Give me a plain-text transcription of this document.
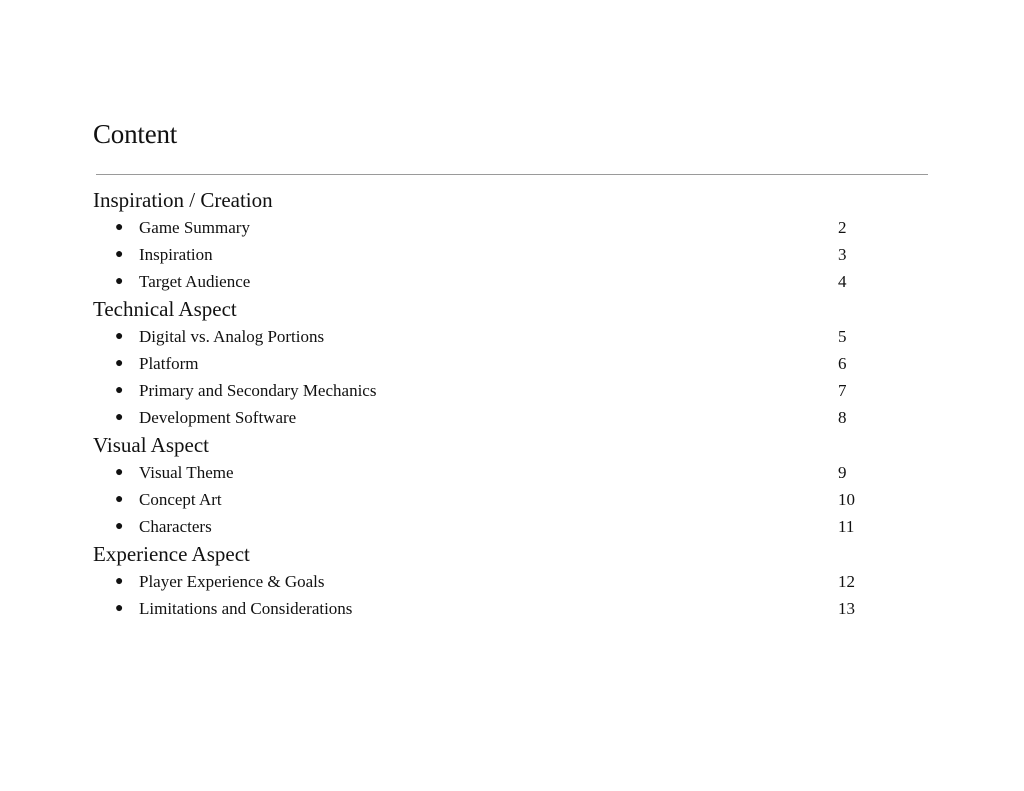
Content
Inspiration / Creation
● Game Summary	2
● Inspiration	3
● Target Audience	4
Technical Aspect
● Digital vs. Analog Portions	5
● Platform	6
● Primary and Secondary Mechanics	7
● Development Software	8
Visual Aspect
● Visual Theme	9
● Concept Art	10
● Characters	11
Experience Aspect
● Player Experience & Goals	12
● Limitations and Considerations	13
